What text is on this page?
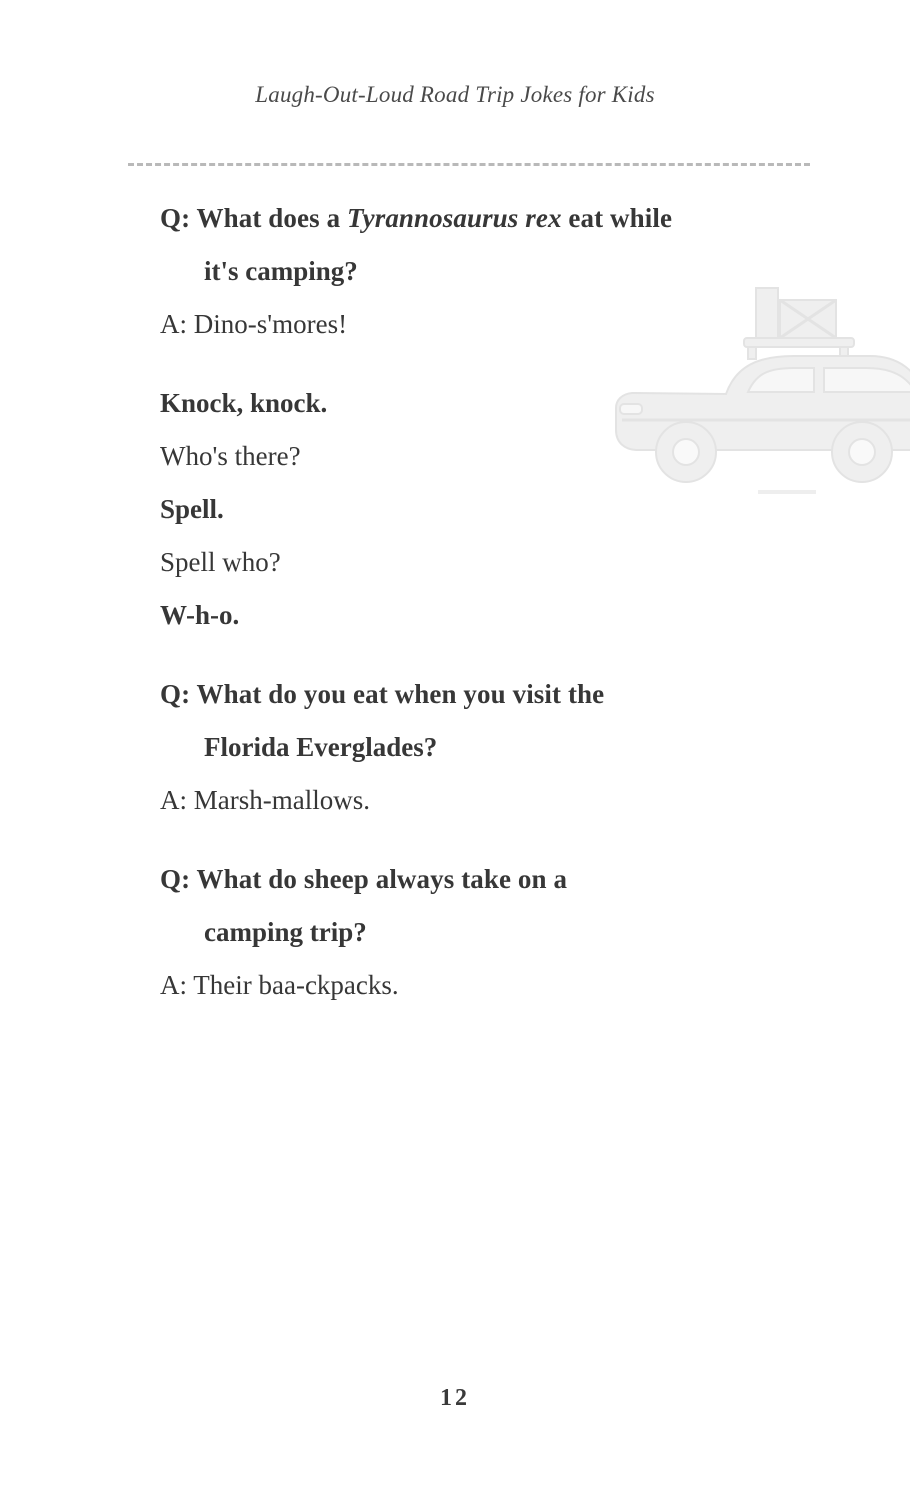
Laugh-Out-Loud Road Trip Jokes for Kids
Q: What does a Tyrannosaurus rex eat while
it's camping?
A: Dino-s'mores!
Knock, knock.
Who's there?
Spell.
Spell who?
W-h-o.
Q: What do you eat when you visit the
Florida Everglades?
A: Marsh-mallows.
Q: What do sheep always take on a
camping trip?
A: Their baa-ckpacks.
12
